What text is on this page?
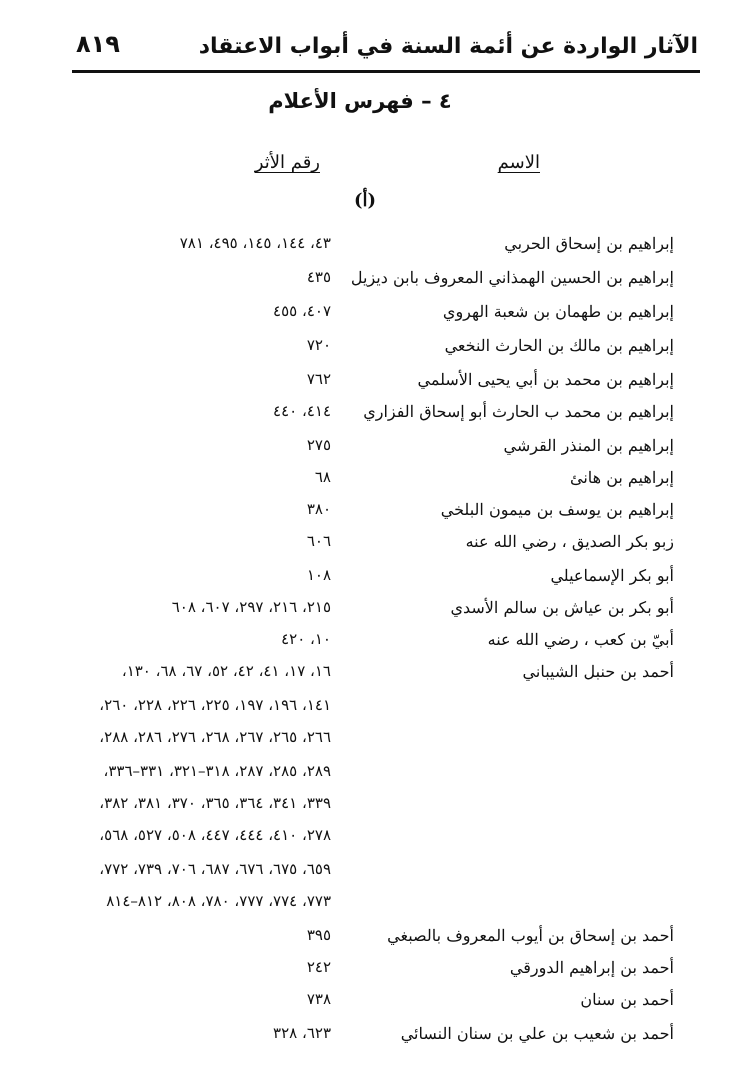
الآثار الواردة عن أئمة السنة في أبواب الاعتقاد
٨١٩
٤ – فهرس الأعلام
الاسم
رقم الأثر
(أ)
إبراهيم بن إسحاق الحربي
٤٣، ١٤٤، ١٤٥، ٤٩٥، ٧٨١
إبراهيم بن الحسين الهمذاني المعروف بابن ديزيل
٤٣٥
إبراهيم بن طهمان بن شعبة الهروي
٤٠٧، ٤٥٥
إبراهيم بن مالك بن الحارث النخعي
٧٢٠
إبراهيم بن محمد بن أبي يحيى الأسلمي
٧٦٢
إبراهيم بن محمد ب الحارث أبو إسحاق الفزاري
٤١٤، ٤٤٠
إبراهيم بن المنذر القرشي
٢٧٥
إبراهيم بن هانئ
٦٨
إبراهيم بن يوسف بن ميمون البلخي
٣٨٠
زبو بكر الصديق ، رضي الله عنه
٦٠٦
أبو بكر الإسماعيلي
١٠٨
أبو بكر بن عياش بن سالم الأسدي
٢١٥، ٢١٦، ٢٩٧، ٦٠٧، ٦٠٨
أبيّ بن كعب ، رضي الله عنه
١٠، ٤٢٠
أحمد بن حنبل الشيباني
١٦، ١٧، ٤١، ٤٢، ٥٢، ٦٧، ٦٨، ١٣٠،
١٤١، ١٩٦، ١٩٧، ٢٢٥، ٢٢٦، ٢٢٨، ٢٦٠،
٢٦٦، ٢٦٥، ٢٦٧، ٢٦٨، ٢٧٦، ٢٨٦، ٢٨٨،
٢٨٩، ٢٨٥، ٢٨٧، ٣١٨–٣٢١، ٣٣١–٣٣٦،
٣٣٩، ٣٤١، ٣٦٤، ٣٦٥، ٣٧٠، ٣٨١، ٣٨٢،
٢٧٨، ٤١٠، ٤٤٤، ٤٤٧، ٥٠٨، ٥٢٧، ٥٦٨،
٦٥٩، ٦٧٥، ٦٧٦، ٦٨٧، ٧٠٦، ٧٣٩، ٧٧٢،
٧٧٣، ٧٧٤، ٧٧٧، ٧٨٠، ٨٠٨، ٨١٢–٨١٤
أحمد بن إسحاق بن أيوب المعروف بالصبغي
٣٩٥
أحمد بن إبراهيم الدورقي
٢٤٢
أحمد بن سنان
٧٣٨
أحمد بن شعيب بن علي بن سنان النسائي
٦٢٣، ٣٢٨
